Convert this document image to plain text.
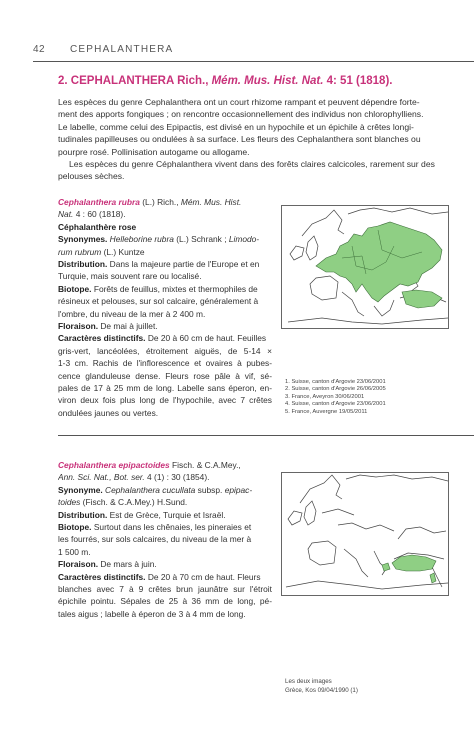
42 CEPHALANTHERA
2. CEPHALANTHERA Rich., Mém. Mus. Hist. Nat. 4: 51 (1818).
Les espèces du genre Cephalanthera ont un court rhizome rampant et peuvent dépendre forte-
ment des apports fongiques ; on rencontre occasionnellement des individus non chlorophylliens.
Le labelle, comme celui des Epipactis, est divisé en un hypochile et un épichile à crêtes longi-
tudinales papilleuses ou ondulées à sa surface. Les fleurs des Cephalanthera sont blanches ou
pourpre rosé. Pollinisation autogame ou allogame.
Les espèces du genre Céphalanthera vivent dans des forêts claires calcicoles, rarement sur des
pelouses sèches.
Cephalanthera rubra (L.) Rich., Mém. Mus. Hist.
Nat. 4 : 60 (1818).
Céphalanthère rose
Synonymes. Helleborine rubra (L.) Schrank ; Limodo-
rum rubrum (L.) Kuntze
Distribution. Dans la majeure partie de l'Europe et en
Turquie, mais souvent rare ou localisé.
Biotope. Forêts de feuillus, mixtes et thermophiles de
résineux et pelouses, sur sol calcaire, généralement à
l'ombre, du niveau de la mer à 2 400 m.
Floraison. De mai à juillet.
Caractères distinctifs. De 20 à 60 cm de haut. Feuilles
gris-vert, lancéolées, étroitement aiguës, de 5-14 ×
1-3 cm. Rachis de l'inflorescence et ovaires à pubes-
cence glanduleuse dense. Fleurs rose pâle à vif, sé-
pales de 17 à 25 mm de long. Labelle sans éperon, en-
viron deux fois plus long de l'hypochile, avec 7 crêtes
ondulées jaunes ou vertes.
1. Suisse, canton d'Argovie 23/06/2001
2. Suisse, canton d'Argovie 26/06/2005
3. France, Aveyron 30/06/2001
4. Suisse, canton d'Argovie 23/06/2001
5. France, Auvergne 19/05/2011
Cephalanthera epipactoides Fisch. & C.A.Mey.,
Ann. Sci. Nat., Bot. ser. 4 (1) : 30 (1854).
Synonyme. Cephalanthera cucullata subsp. epipac-
toides (Fisch. & C.A.Mey.) H.Sund.
Distribution. Est de Grèce, Turquie et Israël.
Biotope. Surtout dans les chênaies, les pineraies et
les fourrés, sur sols calcaires, du niveau de la mer à
1 500 m.
Floraison. De mars à juin.
Caractères distinctifs. De 20 à 70 cm de haut. Fleurs
blanches avec 7 à 9 crêtes brun jaunâtre sur l'étroit
épichile pointu. Sépales de 25 à 36 mm de long, pé-
tales aigus ; labelle à éperon de 3 à 4 mm de long.
Les deux images
Grèce, Kos 09/04/1990 (1)
